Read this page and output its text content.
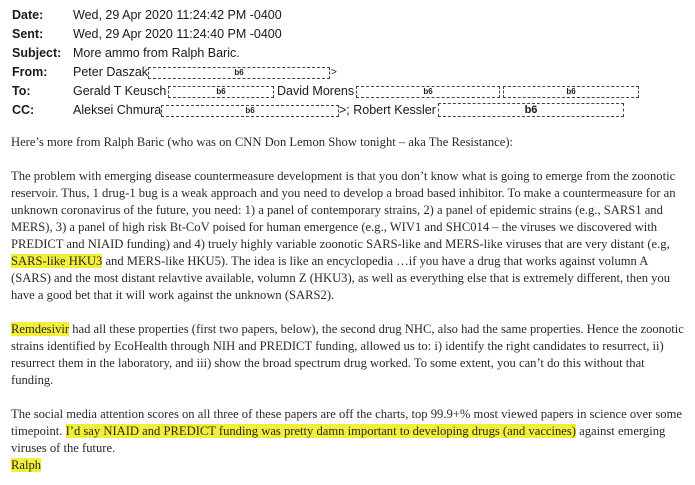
Date: Wed, 29 Apr 2020 11:24:42 PM -0400
Sent: Wed, 29 Apr 2020 11:24:40 PM -0400
Subject: More ammo from Ralph Baric.
From: Peter Daszak	b6	>
To:	Gerald T Keusch	b6	David Morens	b6	b6
CC:	Aleksei Chmura	b6	>; Robert Kessler	b6

Here’s more from Ralph Baric (who was on CNN Don Lemon Show tonight – aka The Resistance):

The problem with emerging disease countermeasure development is that you don’t know what is going to emerge from the zoonotic reservoir. Thus, 1 drug-1 bug is a weak approach and you need to develop a broad based inhibitor. To make a countermeasure for an unknown coronavirus of the future, you need: 1) a panel of contemporary strains, 2) a panel of epidemic strains (e.g., SARS1 and MERS), 3) a panel of high risk Bt-CoV poised for human emergence (e.g., WIV1 and SHC014 – the viruses we discovered with PREDICT and NIAID funding) and 4) truely highly variable zoonotic SARS-like and MERS-like viruses that are very distant (e.g, SARS-like HKU3 and MERS-like HKU5). The idea is like an encyclopedia …if you have a drug that works against volumn A (SARS) and the most distant relavtive available, volumn Z (HKU3), as well as everything else that is extremely different, then you have a good bet that it will work against the unknown (SARS2).

Remdesivir had all these properties (first two papers, below), the second drug NHC, also had the same properties. Hence the zoonotic strains identified by EcoHealth through NIH and PREDICT funding, allowed us to: i) identify the right candidates to resurrect, ii) resurrect them in the laboratory, and iii) show the broad spectrum drug worked. To some extent, you can’t do this without that funding.

The social media attention scores on all three of these papers are off the charts, top 99.9+% most viewed papers in science over some timepoint. I’d say NIAID and PREDICT funding was pretty damn important to developing drugs (and vaccines) against emerging viruses of the future.
Ralph
